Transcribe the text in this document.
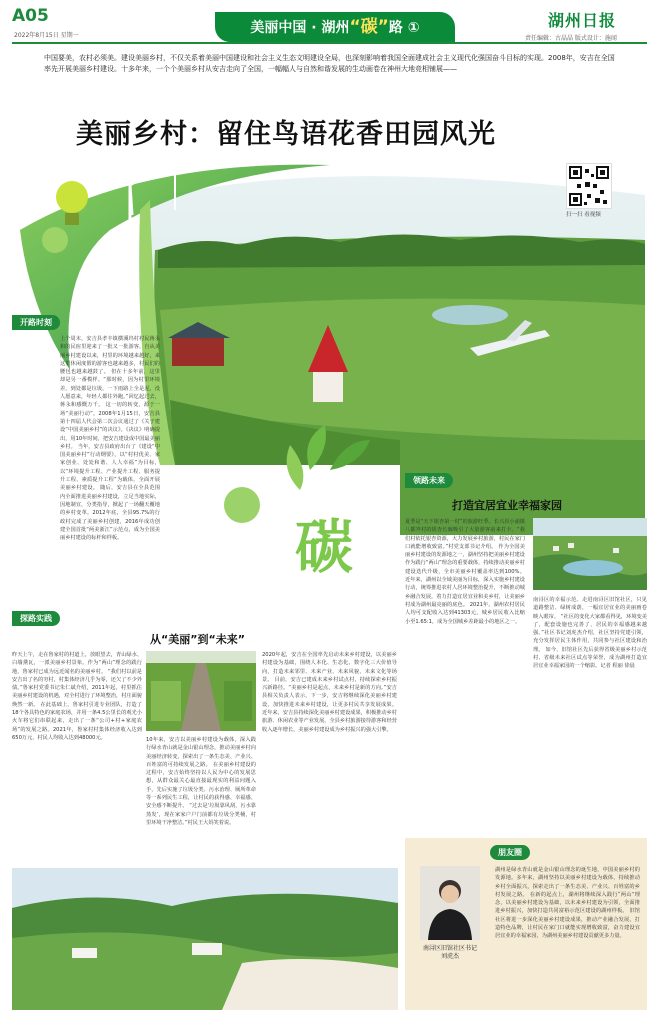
A05
2022年8月15日 星期一	美丽中国 · 湖州“碳”路 ①	湖州日报
责任编辑：古晶晶 版式设计：施闻
中国要美，农村必须美。建设美丽乡村，不仅关系着美丽中国建设和社会主义生态文明建设全局，也深刻影响着我国全面建成社会主义现代化强国奋斗目标的实现。2008年，安吉在全国率先开展美丽乡村建设。十多年来，一个个美丽乡村从安吉走向了全国，一幅幅人与自然和谐发展的生动画卷在神州大地竞相铺展——
美丽乡村：留住鸟语花香田园风光
扫一扫 看视频
开路时刻
上个周末，安吉县孝丰镇横溪坞村村民蒋永和的民宿里迎来了一批又一批游客。自从美丽乡村建设以来，村里的环境越来越好，来这里休闲度假的游客也越来越多，村民们的腰包也越来越鼓了。 但在十多年前，这里却是另一番模样。“那时候，因为村里环境差，到处都是垃圾，一下雨路上全是泥，没人愿意来，年轻人都往外跑。”回忆起过去，蒋永和感慨万千。 这一切的转变，源于一场“美丽行动”。2008年1月15日，安吉县第十四届人代会第二次会议通过了《关于建设“中国美丽乡村”的决议》。《决议》明确提出，用10年时间，把安吉建设成中国最美丽乡村。 当年，安吉县政府出台了《建设“中国美丽乡村”行动纲要》，以“村村优美、家家创业、处处和谐、人人幸福”为目标，以“环境提升工程、产业提升工程、服务提升工程、素质提升工程”为载体，全面开展美丽乡村建设。 随后，安吉县在全县范围内全面推进美丽乡村建设，立足当地实际，因地制宜，分类指导，掀起了一场翻天覆地的乡村变革。2012年底，全县95.7%的行政村完成了美丽乡村创建，2016年成功创建全国首批“两美浙江”示范点，成为全国美丽乡村建设的标杆和样板。	碳
领路未来
打造宜居宜业幸福家园
夏季是“天下银杏第一村”的旅游旺季。长兴县小浦镇八都岕村的银杏长廊吸引了大量游客前来打卡。“我们村依托银杏资源，大力发展乡村旅游，村民在家门口就能增收致富。”村党支部书记介绍。 作为全国美丽乡村建设的发源地之一，湖州坚持把美丽乡村建设作为践行“两山”理念的重要载体，持续推动美丽乡村建设迭代升级，全市美丽乡村覆盖率达到100%。 近年来，湖州以全域美丽为目标，深入实施乡村建设行动，统筹推进农村人居环境整治提升，不断推动城乡融合发展，着力打造宜居宜业和美乡村，让美丽乡村成为湖州最亮丽的底色。 2021年，湖州农村居民人均可支配收入达到41303元，城乡居民收入比缩小至1.65:1，成为全国城乡差距最小的地区之一。
南浔区的幸福示范。走进南浔区旧馆社区，只见道路整洁、绿树成荫，一幅宜居宜业的美丽画卷映入眼帘。 “社区的变化大家都看得见，环境变美了，配套设施也完善了，居民的幸福感越来越强。”社区书记刘虎杰介绍，社区坚持党建引领，充分发挥居民主体作用，共同参与社区建设和治理。 如今，旧馆社区先后获得省级美丽乡村示范村、省级未来社区试点等荣誉，成为湖州打造宜居宜业幸福家园的一个缩影。记者 程丽 徐晨
探路实践
从“美丽”到“未来”
昨天上午，走在鲁家村的村道上，放眼望去，青山绿水、白墙黛瓦，一派美丽乡村景象。作为“两山”理念的践行地，鲁家村已成为远近闻名的美丽乡村。 “我们村以前是安吉出了名的穷村，村集体经济几乎为零，还欠了不少外债。”鲁家村党委书记朱仁斌介绍，2011年起，村里抓住美丽乡村建设的机遇，对全村进行了环境整治，村庄面貌焕然一新。 在此基础上，鲁家村引进专业团队，打造了18个各具特色的家庭农场，并用一条4.5公里长的观光小火车将它们串联起来，走出了一条“公司+村+家庭农场”的发展之路。2021年，鲁家村村集体经济收入达到650万元，村民人均收入达到48000元。	10年来，安吉以美丽乡村建设为载体，深入践行绿水青山就是金山银山理念，推动美丽乡村向美丽经济转变，探索出了一条生态美、产业兴、百姓富的可持续发展之路。 在美丽乡村建设的过程中，安吉始终坚持以人民为中心的发展思想，从群众最关心最直接最现实的利益问题入手，先后实施了垃圾分类、污水治理、厕所革命等一系列民生工程，让村民的获得感、幸福感、安全感不断提升。 “过去是‘垃圾靠风刮，污水靠蒸发’，现在家家户户门前都有垃圾分类桶，村里环境干净整洁。”村民王大妈笑着说。
2020年起，安吉在全国率先启动未来乡村建设，以美丽乡村建设为基础，围绕人本化、生态化、数字化三大价值导向，打造未来邻里、未来产业、未来风貌、未来文化等场景。 目前，安吉已建成未来乡村试点村，持续探索乡村振兴新路径。“美丽乡村是起点，未来乡村是新的方向。”安吉县相关负责人表示，下一步，安吉将继续深化美丽乡村建设，加快推进未来乡村建设，让更多村民共享发展成果。 近年来，安吉县持续深化美丽乡村建设成果，积极推动乡村旅游、休闲农业等产业发展，全县乡村旅游接待游客和经营收入逐年增长，美丽乡村建设成为乡村振兴的强大引擎。
朋友圈
南浔区旧馆社区书记
刘虎杰
湖州是绿水青山就是金山银山理念的诞生地，中国美丽乡村的发源地。多年来，湖州坚持以美丽乡村建设为载体，持续推动乡村全面振兴，探索走出了一条生态美、产业兴、百姓富的乡村发展之路。 在新的起点上，湖州将继续深入践行“两山”理念，以美丽乡村建设为基础，以未来乡村建设为引领，全面推进乡村振兴，加快打造共同富裕示范区建设的湖州样板。 旧馆社区将进一步深化美丽乡村建设成果，推动产业融合发展，打造特色品牌，让村民在家门口就能实现增收致富，奋力建设宜居宜业的幸福家园，为湖州美丽乡村建设贡献更多力量。
